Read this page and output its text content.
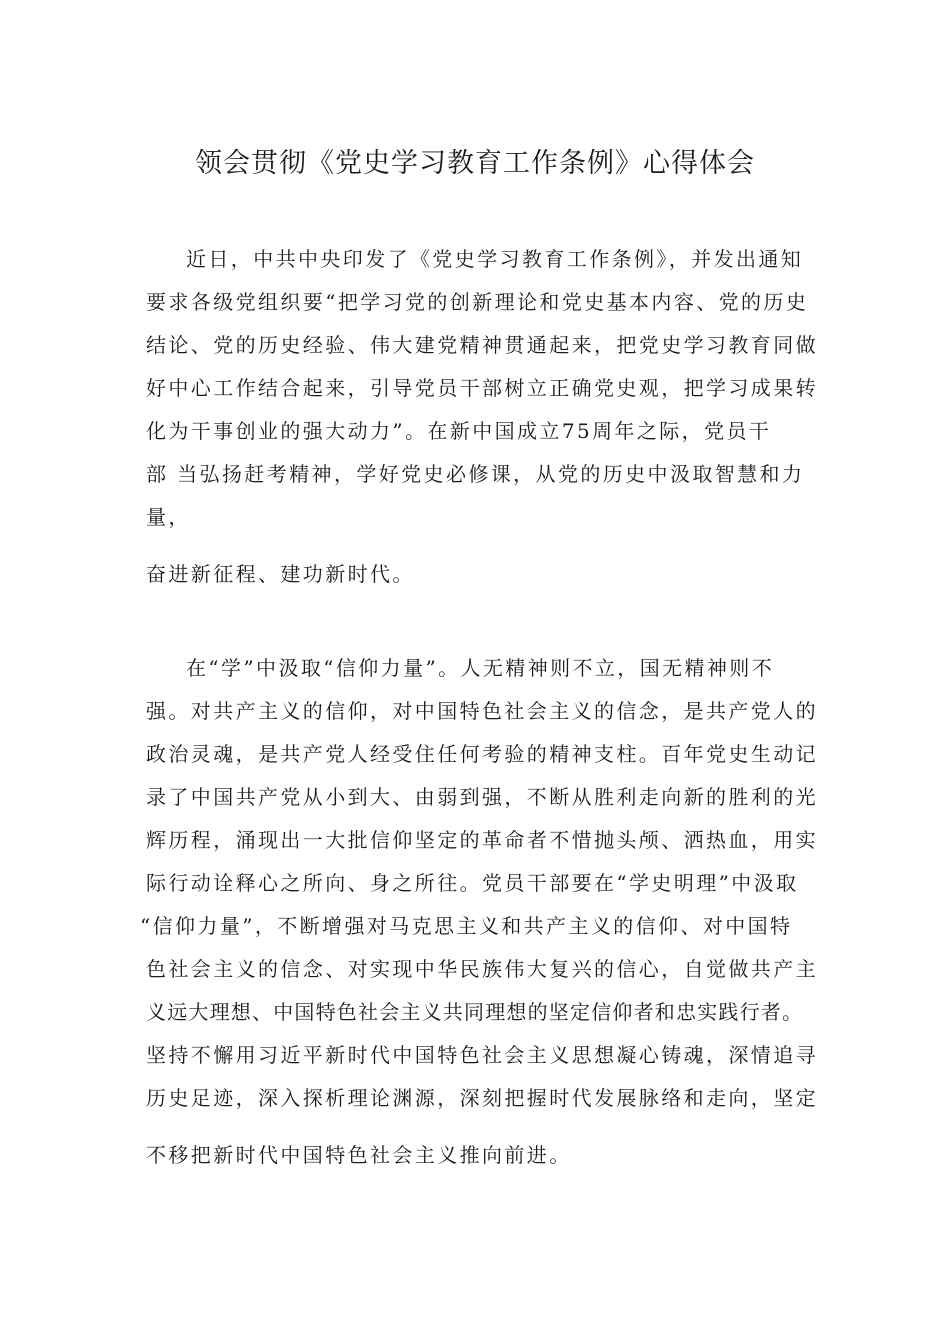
领会贯彻《党史学习教育工作条例》心得体会
近日，中共中央印发了《党史学习教育工作条例》，并发出通知
要求各级党组织要“把学习党的创新理论和党史基本内容、党的历史
结论、党的历史经验、伟大建党精神贯通起来，把党史学习教育同做
好中心工作结合起来，引导党员干部树立正确党史观，把学习成果转
化为干事创业的强大动力”。在新中国成立75周年之际，党员干
部 当弘扬赶考精神，学好党史必修课，从党的历史中汲取智慧和力
量，
奋进新征程、建功新时代。
在“学”中汲取“信仰力量”。人无精神则不立，国无精神则不
强。对共产主义的信仰，对中国特色社会主义的信念，是共产党人的
政治灵魂，是共产党人经受住任何考验的精神支柱。百年党史生动记
录了中国共产党从小到大、由弱到强，不断从胜利走向新的胜利的光
辉历程，涌现出一大批信仰坚定的革命者不惜抛头颅、洒热血，用实
际行动诠释心之所向、身之所往。党员干部要在“学史明理”中汲取
“信仰力量”，不断增强对马克思主义和共产主义的信仰、对中国特
色社会主义的信念、对实现中华民族伟大复兴的信心，自觉做共产主
义远大理想、中国特色社会主义共同理想的坚定信仰者和忠实践行者。
坚持不懈用习近平新时代中国特色社会主义思想凝心铸魂，深情追寻
历史足迹，深入探析理论渊源，深刻把握时代发展脉络和走向，坚定
不移把新时代中国特色社会主义推向前进。
